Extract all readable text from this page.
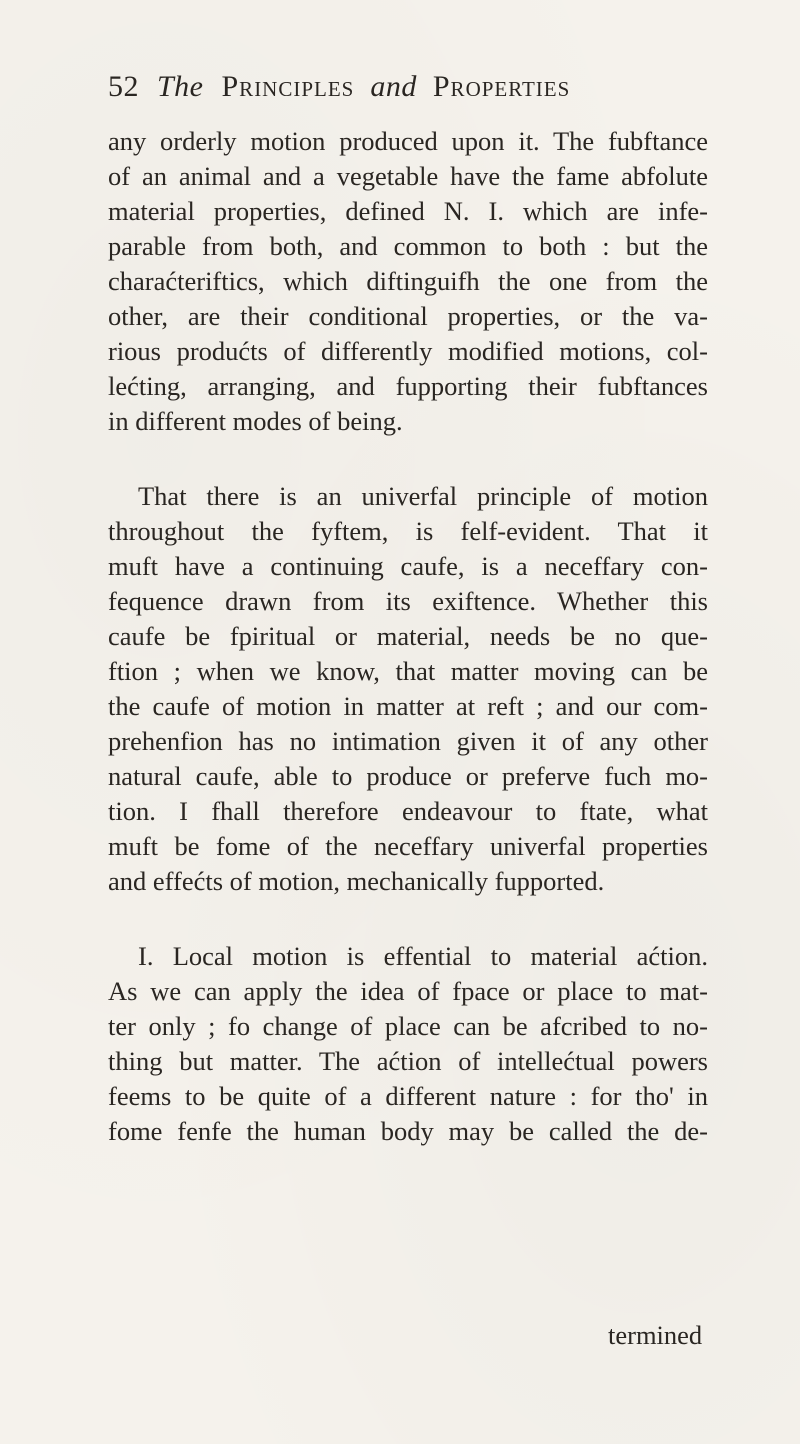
52 The Principles and Properties
any orderly motion produced upon it. The fubftance
of an animal and a vegetable have the fame abfolute
material properties, defined N. I. which are infe-
parable from both, and common to both : but the
charaćteriftics, which diftinguifh the one from the
other, are their conditional properties, or the va-
rious produćts of differently modified motions, col-
lećting, arranging, and fupporting their fubftances
in different modes of being.
That there is an univerfal principle of motion
throughout the fyftem, is felf-evident. That it
muft have a continuing caufe, is a neceffary con-
fequence drawn from its exiftence. Whether this
caufe be fpiritual or material, needs be no que-
ftion ; when we know, that matter moving can be
the caufe of motion in matter at reft ; and our com-
prehenfion has no intimation given it of any other
natural caufe, able to produce or preferve fuch mo-
tion. I fhall therefore endeavour to ftate, what
muft be fome of the neceffary univerfal properties
and effećts of motion, mechanically fupported.
I. Local motion is effential to material aćtion.
As we can apply the idea of fpace or place to mat-
ter only ; fo change of place can be afcribed to no-
thing but matter. The aćtion of intellećtual powers
feems to be quite of a different nature : for tho' in
fome fenfe the human body may be called the de-
termined
